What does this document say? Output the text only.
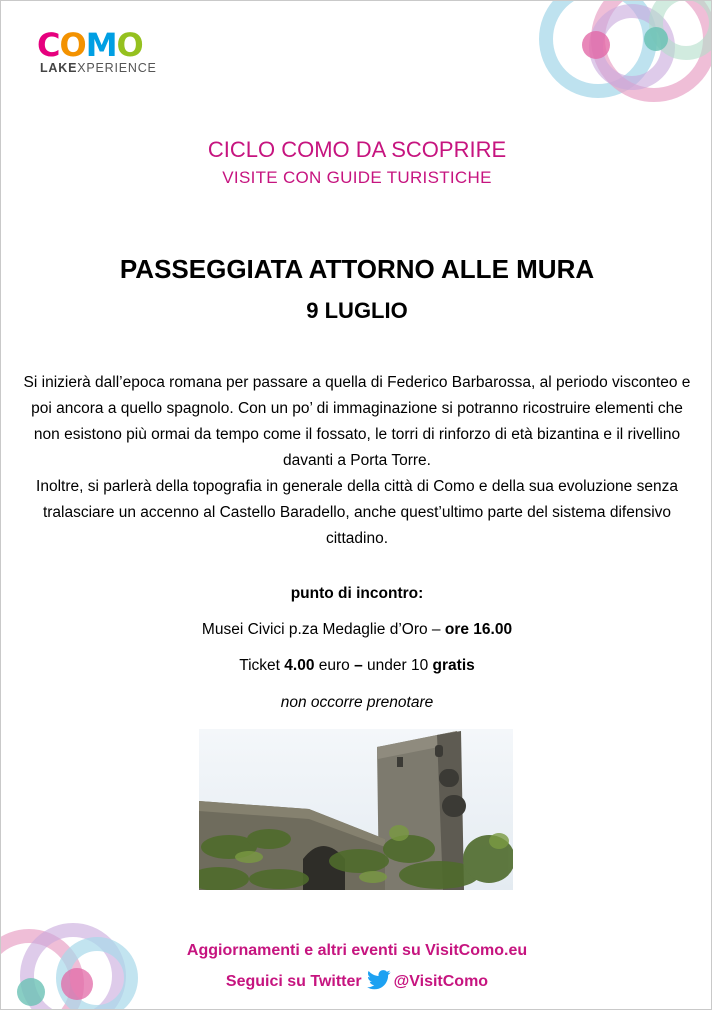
COMO
LAKEXPERIENCE
CICLO COMO DA SCOPRIRE
VISITE CON GUIDE TURISTICHE
PASSEGGIATA ATTORNO ALLE MURA
9 LUGLIO

Si inizierà dall’epoca romana per passare a quella di Federico Barbarossa, al periodo visconteo e poi ancora a quello spagnolo. Con un po’ di immaginazione si potranno ricostruire elementi che non esistono più ormai da tempo come il fossato, le torri di rinforzo di età bizantina e il rivellino davanti a Porta Torre.

Inoltre, si parlerà della topografia in generale della città di Como e della sua evoluzione senza tralasciare un accenno al Castello Baradello, anche quest’ultimo parte del sistema difensivo cittadino.

punto di incontro:
Musei Civici p.za Medaglie d’Oro – ore 16.00
Ticket 4.00 euro – under 10 gratis
non occorre prenotare
Aggiornamenti e altri eventi su VisitComo.eu
Seguici su Twitter @VisitComo
